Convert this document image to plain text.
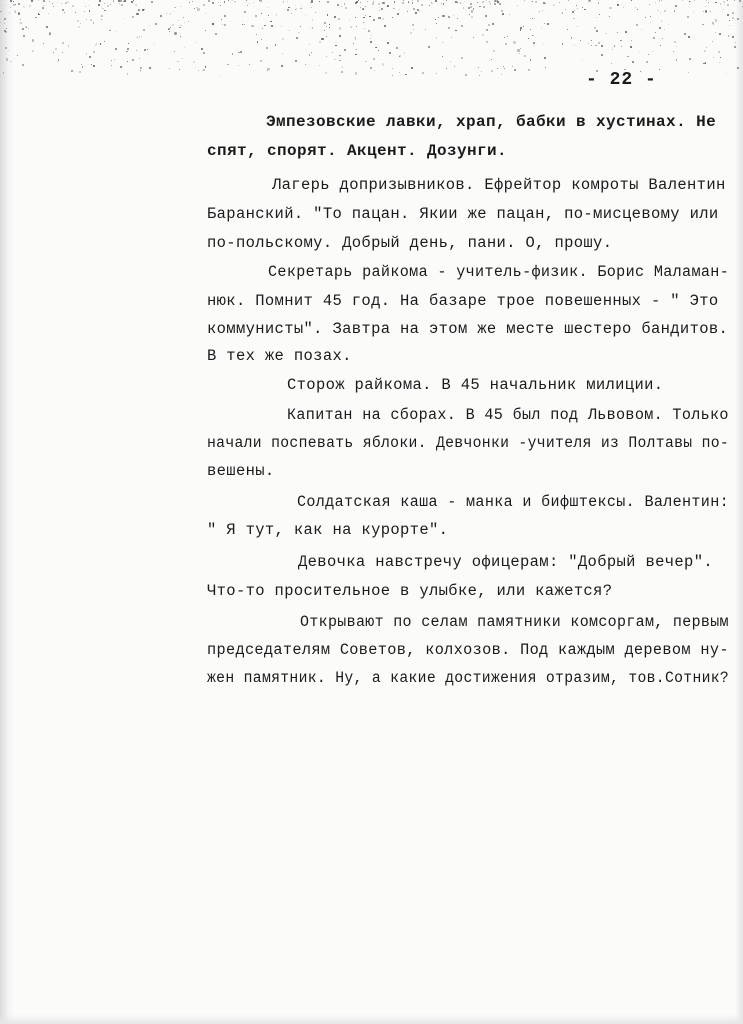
- 22 -
Эмпезовские лавки, храп, бабки в хустинах. Не
спят, спорят. Акцент. Дозунги.
Лагерь допризывников. Ефрейтор комроты Валентин
Баранский. "То пацан. Якии же пацан, по-мисцевому или
по-польскому. Добрый день, пани. О, прошу.
Секретарь райкома - учитель-физик. Борис Маламан-
нюк. Помнит 45 год. На базаре трое повешенных - " Это
коммунисты". Завтра на этом же месте шестеро бандитов.
В тех же позах.
Сторож райкома. В 45 начальник милиции.
Капитан на сборах. В 45 был под Львовом. Только
начали поспевать яблоки. Девчонки -учителя из Полтавы по-
вешены.
Солдатская каша - манка и бифштексы. Валентин:
" Я тут, как на курорте".
Девочка навстречу офицерам: "Добрый вечер".
Что-то просительное в улыбке, или кажется?
Открывают по селам памятники комсоргам, первым
председателям Советов, колхозов. Под каждым деревом ну-
жен памятник. Ну, а какие достижения отразим, тов.Сотник?
